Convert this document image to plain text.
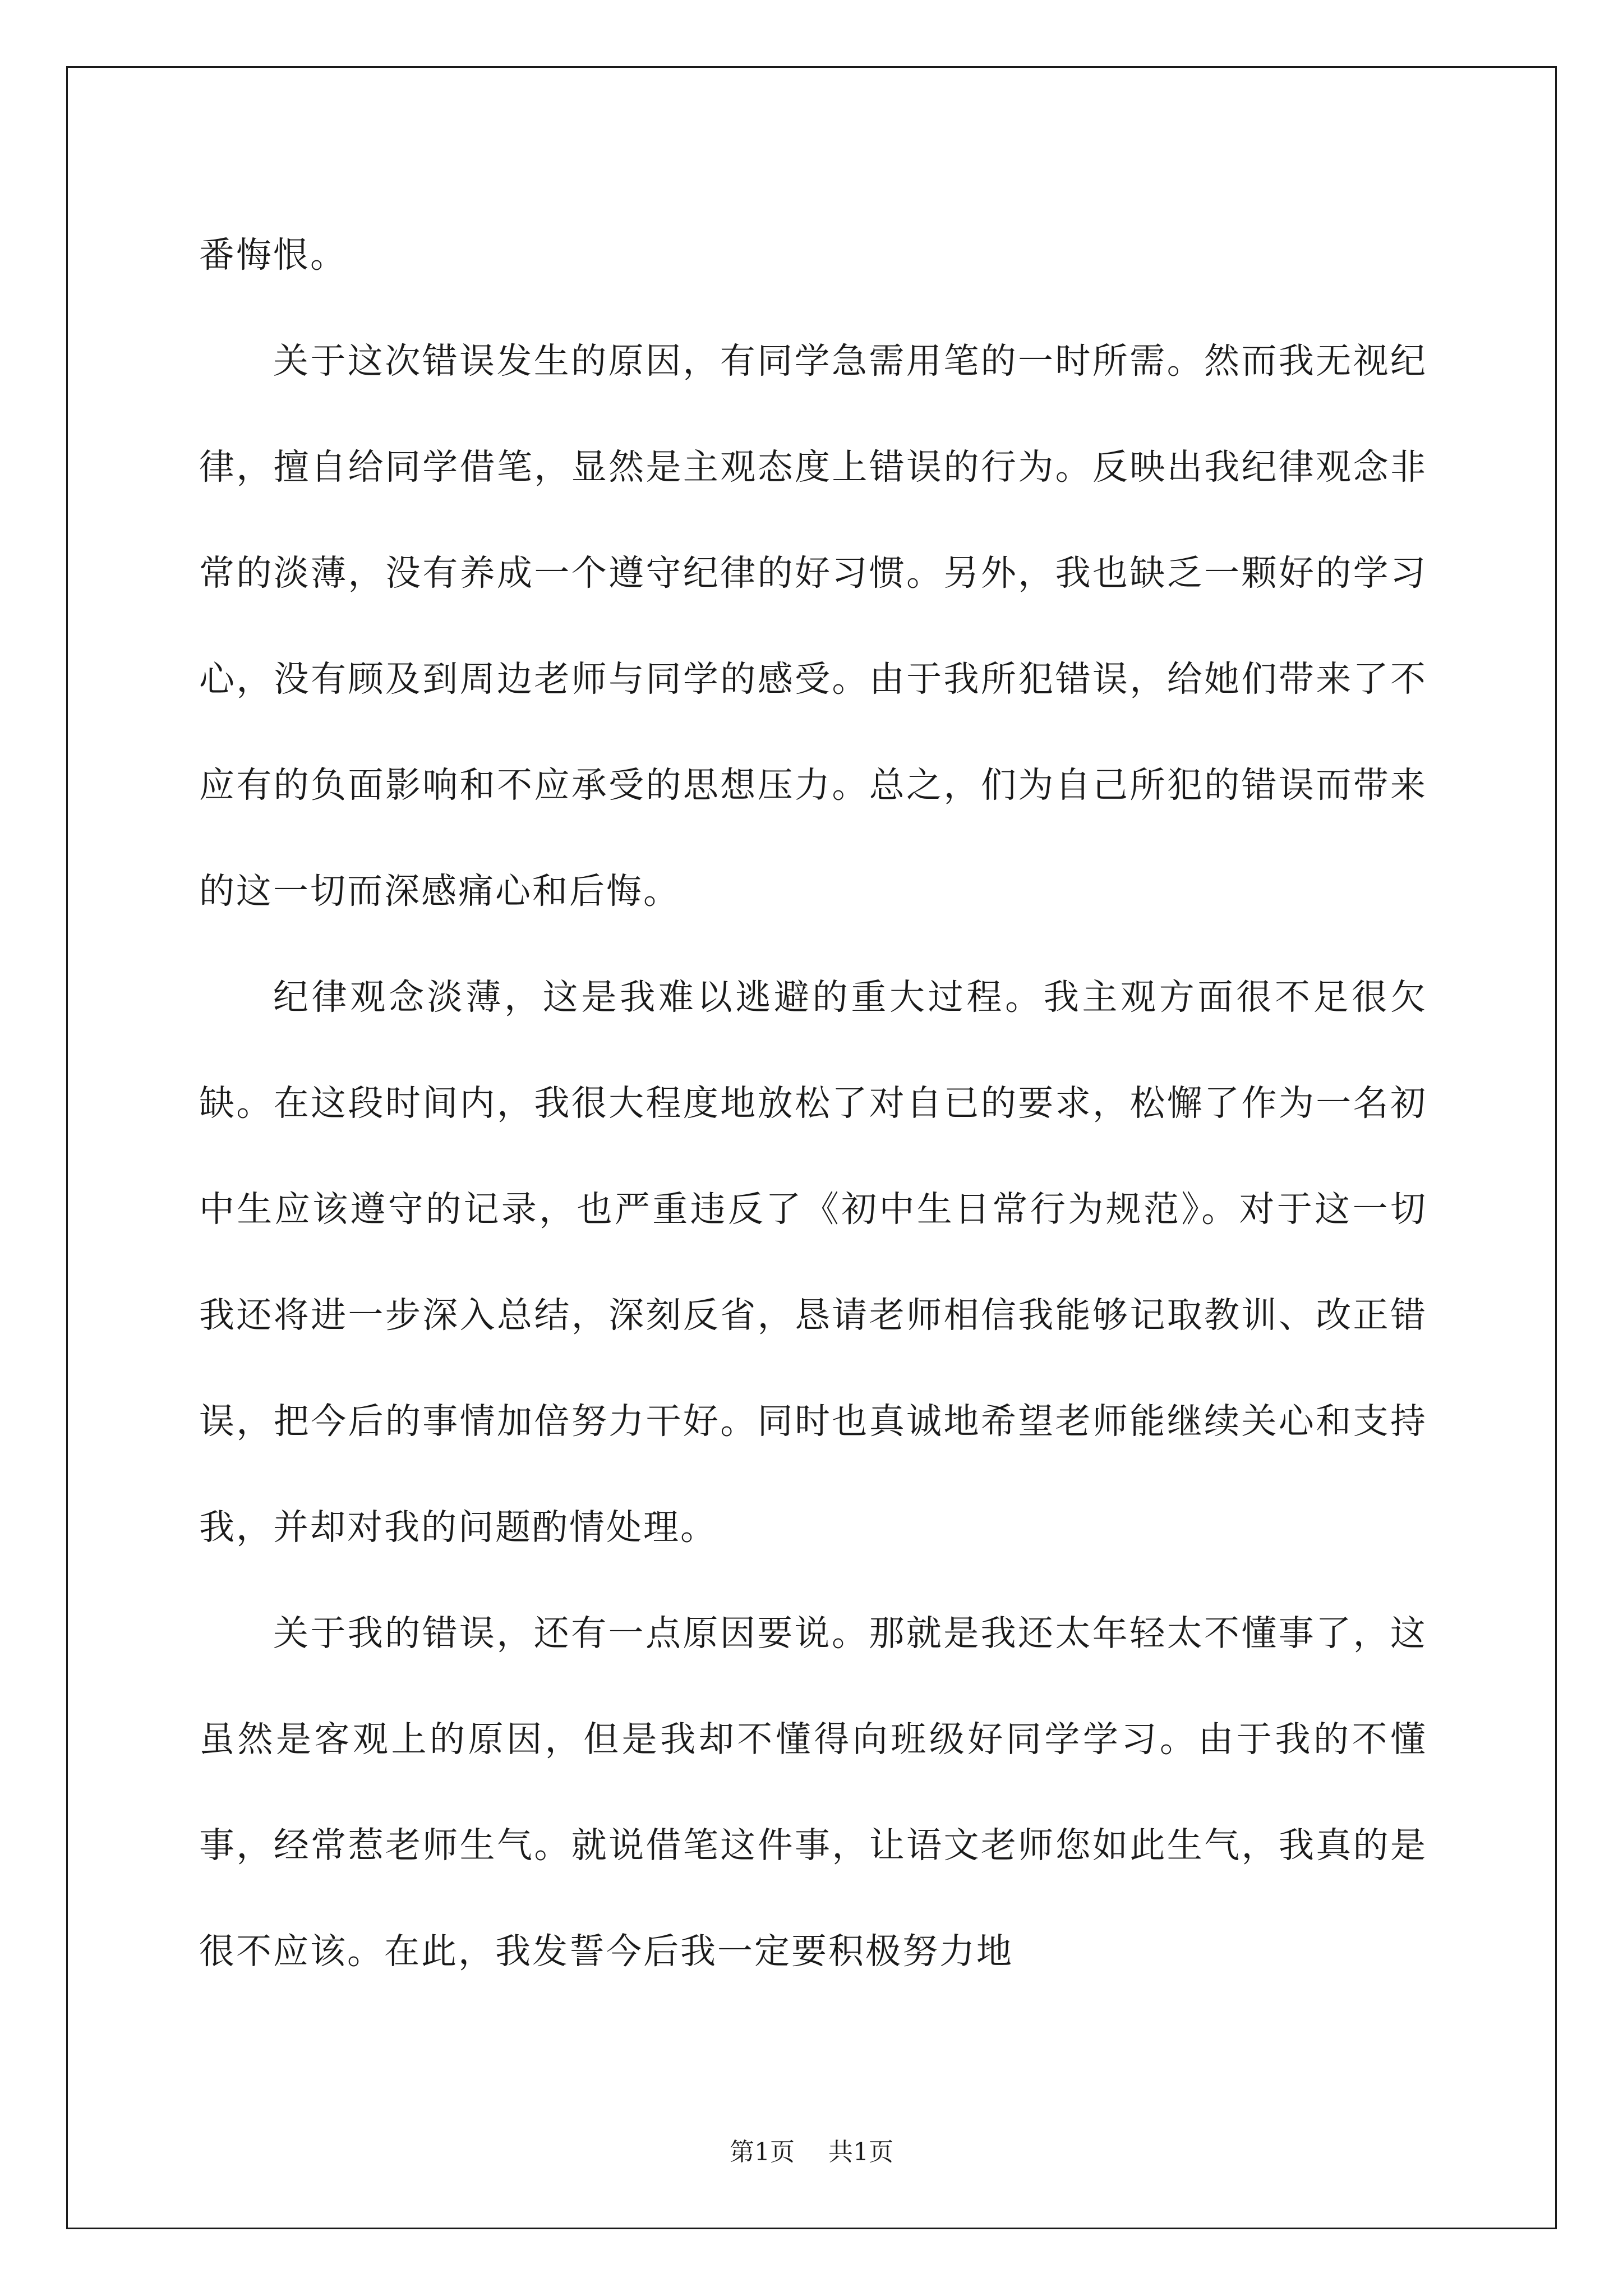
番悔恨。

关于这次错误发生的原因，有同学急需用笔的一时所需。然而我无视纪律，擅自给同学借笔，显然是主观态度上错误的行为。反映出我纪律观念非常的淡薄，没有养成一个遵守纪律的好习惯。另外，我也缺乏一颗好的学习心，没有顾及到周边老师与同学的感受。由于我所犯错误，给她们带来了不应有的负面影响和不应承受的思想压力。总之，们为自己所犯的错误而带来的这一切而深感痛心和后悔。

纪律观念淡薄，这是我难以逃避的重大过程。我主观方面很不足很欠缺。在这段时间内，我很大程度地放松了对自已的要求，松懈了作为一名初中生应该遵守的记录，也严重违反了《初中生日常行为规范》。对于这一切我还将进一步深入总结，深刻反省，恳请老师相信我能够记取教训、改正错误，把今后的事情加倍努力干好。同时也真诚地希望老师能继续关心和支持我，并却对我的问题酌情处理。

关于我的错误，还有一点原因要说。那就是我还太年轻太不懂事了，这虽然是客观上的原因，但是我却不懂得向班级好同学学习。由于我的不懂事，经常惹老师生气。就说借笔这件事，让语文老师您如此生气，我真的是很不应该。在此，我发誓今后我一定要积极努力地

第1页 共1页
